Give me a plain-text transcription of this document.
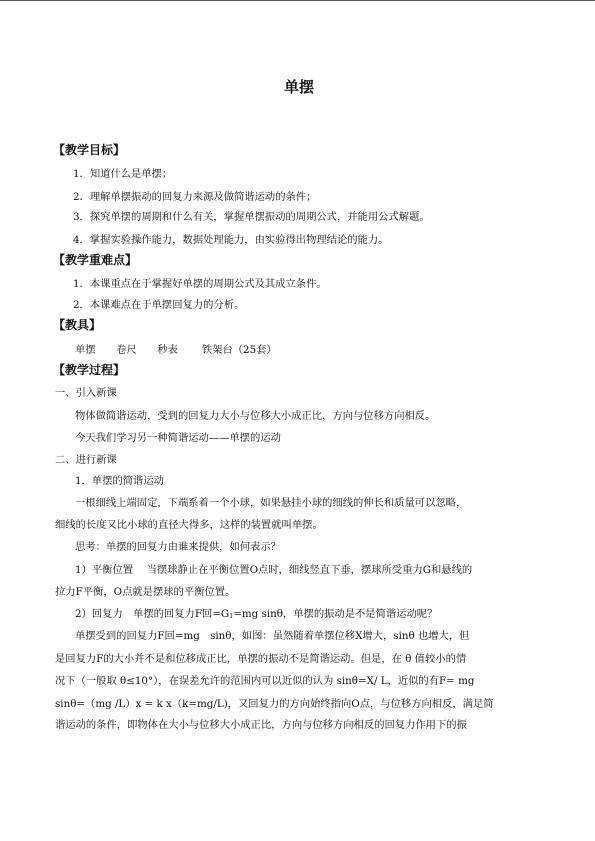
单摆
【教学目标】
1．知道什么是单摆；
2．理解单摆振动的回复力来源及做简谐运动的条件；
3．探究单摆的周期和什么有关，掌握单摆振动的周期公式，并能用公式解题。
4．掌握实验操作能力，数据处理能力，由实验得出物理结论的能力。
【教学重难点】
1．本课重点在于掌握好单摆的周期公式及其成立条件。
2．本课难点在于单摆回复力的分析。
【教具】
单摆　　卷尺　　秒表　　 铁架台（25套）
【教学过程】
一、引入新课
物体做简谐运动，受到的回复力大小与位移大小成正比，方向与位移方向相反。
今天我们学习另一种简谐运动——单摆的运动
二、进行新课
1．单摆的简谐运动
一根细线上端固定，下端系着一个小球，如果悬挂小球的细线的伸长和质量可以忽略，
细线的长度又比小球的直径大得多，这样的装置就叫单摆。
思考：单摆的回复力由谁来提供，如何表示？
1）平衡位置　 当摆球静止在平衡位置O点时，细线竖直下垂，摆球所受重力G和悬线的
拉力F平衡，O点就是摆球的平衡位置。
2）回复力　单摆的回复力F回=G1=mg sinθ，单摆的振动是不是简谐运动呢？
单摆受到的回复力F回=mg　sinθ，如图：虽然随着单摆位移X增大，sinθ 也增大，但
是回复力F的大小并不是和位移成正比，单摆的振动不是简谐运动。但是，在 θ 值较小的情
况下（一般取 θ≤10°），在误差允许的范围内可以近似的认为 sinθ=X/ L，近似的有F= mg
sinθ=（mg /L）x = k x（k=mg/L)，又回复力的方向始终指向O点，与位移方向相反，满足简
谐运动的条件，即物体在大小与位移大小成正比，方向与位移方向相反的回复力作用下的振
